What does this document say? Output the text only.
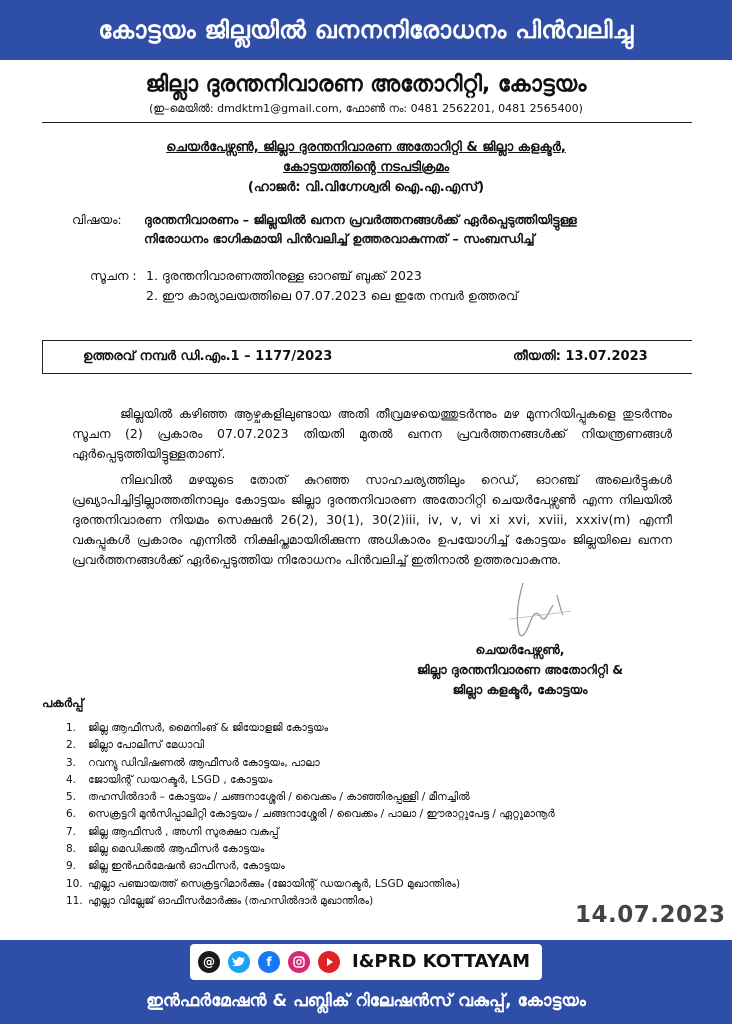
കോട്ടയം ജില്ലയിൽ ഖനനനിരോധനം പിൻവലിച്ചു
ജില്ലാ ദുരന്തനിവാരണ അതോറിറ്റി, കോട്ടയം
(ഇ–മെയിൽ: dmdktm1@gmail.com, ഫോൺ നം: 0481 2562201, 0481 2565400)
ചെയർപേഴ്സൺ, ജില്ലാ ദുരന്തനിവാരണ അതോറിറ്റി & ജില്ലാ കളക്ടർ,
കോട്ടയത്തിന്റെ നടപടിക്രമം
(ഹാജർ: വി.വിഗ്നേശ്വരി ഐ.എ.എസ്)
വിഷയം: ദുരന്തനിവാരണം – ജില്ലയിൽ ഖനന പ്രവർത്തനങ്ങൾക്ക് ഏർപ്പെടുത്തിയിട്ടുള്ള
നിരോധനം ഭാഗികമായി പിൻവലിച്ച് ഉത്തരവാകുന്നത് – സംബന്ധിച്ച്
സൂചന : 1. ദുരന്തനിവാരണത്തിനുള്ള ഓറഞ്ച് ബുക്ക് 2023
2. ഈ കാര്യാലയത്തിലെ 07.07.2023 ലെ ഇതേ നമ്പർ ഉത്തരവ്
ഉത്തരവ് നമ്പർ ഡി.എം.1 – 1177/2023	തീയതി: 13.07.2023
ജില്ലയിൽ കഴിഞ്ഞ ആഴ്ചകളിലുണ്ടായ അതി തീവ്രമഴയെത്തുടർന്നും മഴ മുന്നറിയിപ്പുകളെ തുടർന്നും സൂചന (2) പ്രകാരം 07.07.2023 തിയതി മുതൽ ഖനന പ്രവർത്തനങ്ങൾക്ക് നിയന്ത്രണങ്ങൾ ഏർപ്പെടുത്തിയിട്ടുള്ളതാണ്.
നിലവിൽ മഴയുടെ തോത് കുറഞ്ഞ സാഹചര്യത്തിലും റെഡ്, ഓറഞ്ച് അലെർട്ടുകൾ പ്രഖ്യാപിച്ചിട്ടില്ലാത്തതിനാലും കോട്ടയം ജില്ലാ ദുരന്തനിവാരണ അതോറിറ്റി ചെയർപേഴ്സൺ എന്ന നിലയിൽ ദുരന്തനിവാരണ നിയമം സെക്ഷൻ 26(2), 30(1), 30(2)iii, iv, v, vi xi xvi, xviii, xxxiv(m) എന്നീ വകുപ്പുകൾ പ്രകാരം എന്നിൽ നിക്ഷിപ്തമായിരിക്കുന്ന അധികാരം ഉപയോഗിച്ച് കോട്ടയം ജില്ലയിലെ ഖനന പ്രവർത്തനങ്ങൾക്ക് ഏർപ്പെടുത്തിയ നിരോധനം പിൻവലിച്ച് ഇതിനാൽ ഉത്തരവാകുന്നു.
ചെയർപേഴ്സൺ,
ജില്ലാ ദുരന്തനിവാരണ അതോറിറ്റി &
ജില്ലാ കളക്ടർ, കോട്ടയം
പകർപ്പ്
1.	ജില്ല ആഫീസർ, മൈനിംങ് & ജിയോളജി കോട്ടയം
2.	ജില്ലാ പോലീസ് മേധാവി
3.	റവന്യു ഡിവിഷണൽ ആഫീസർ കോട്ടയം, പാലാ
4.	ജോയിന്റ് ഡയറക്ടർ, LSGD , കോട്ടയം
5.	തഹസിൽദാർ – കോട്ടയം / ചങ്ങനാശ്ശേരി / വൈക്കം / കാഞ്ഞിരപ്പള്ളി / മീനച്ചിൽ
6.	സെക്രട്ടറി മുൻസിപ്പാലിറ്റി കോട്ടയം / ചങ്ങനാശ്ശേരി / വൈക്കം / പാലാ / ഈരാറ്റുപേട്ട / ഏറ്റുമാനൂർ
7.	ജില്ല ആഫീസർ , അഗ്നി സുരക്ഷാ വകുപ്പ്
8.	ജില്ല മെഡിക്കൽ ആഫീസർ കോട്ടയം
9.	ജില്ല ഇൻഫർമേഷൻ ഓഫീസർ, കോട്ടയം
10. എല്ലാ പഞ്ചായത്ത് സെക്രട്ടറിമാർക്കും (ജോയിന്റ് ഡയറക്ടർ, LSGD മുഖാന്തിരം)
11. എല്ലാ വില്ലേജ് ഓഫീസർമാർക്കും (തഹസിൽദാർ മുഖാന്തിരം)
14.07.2023
@	f	I&PRD KOTTAYAM
ഇൻഫർമേഷൻ & പബ്ലിക് റിലേഷൻസ് വകുപ്പ്, കോട്ടയം
